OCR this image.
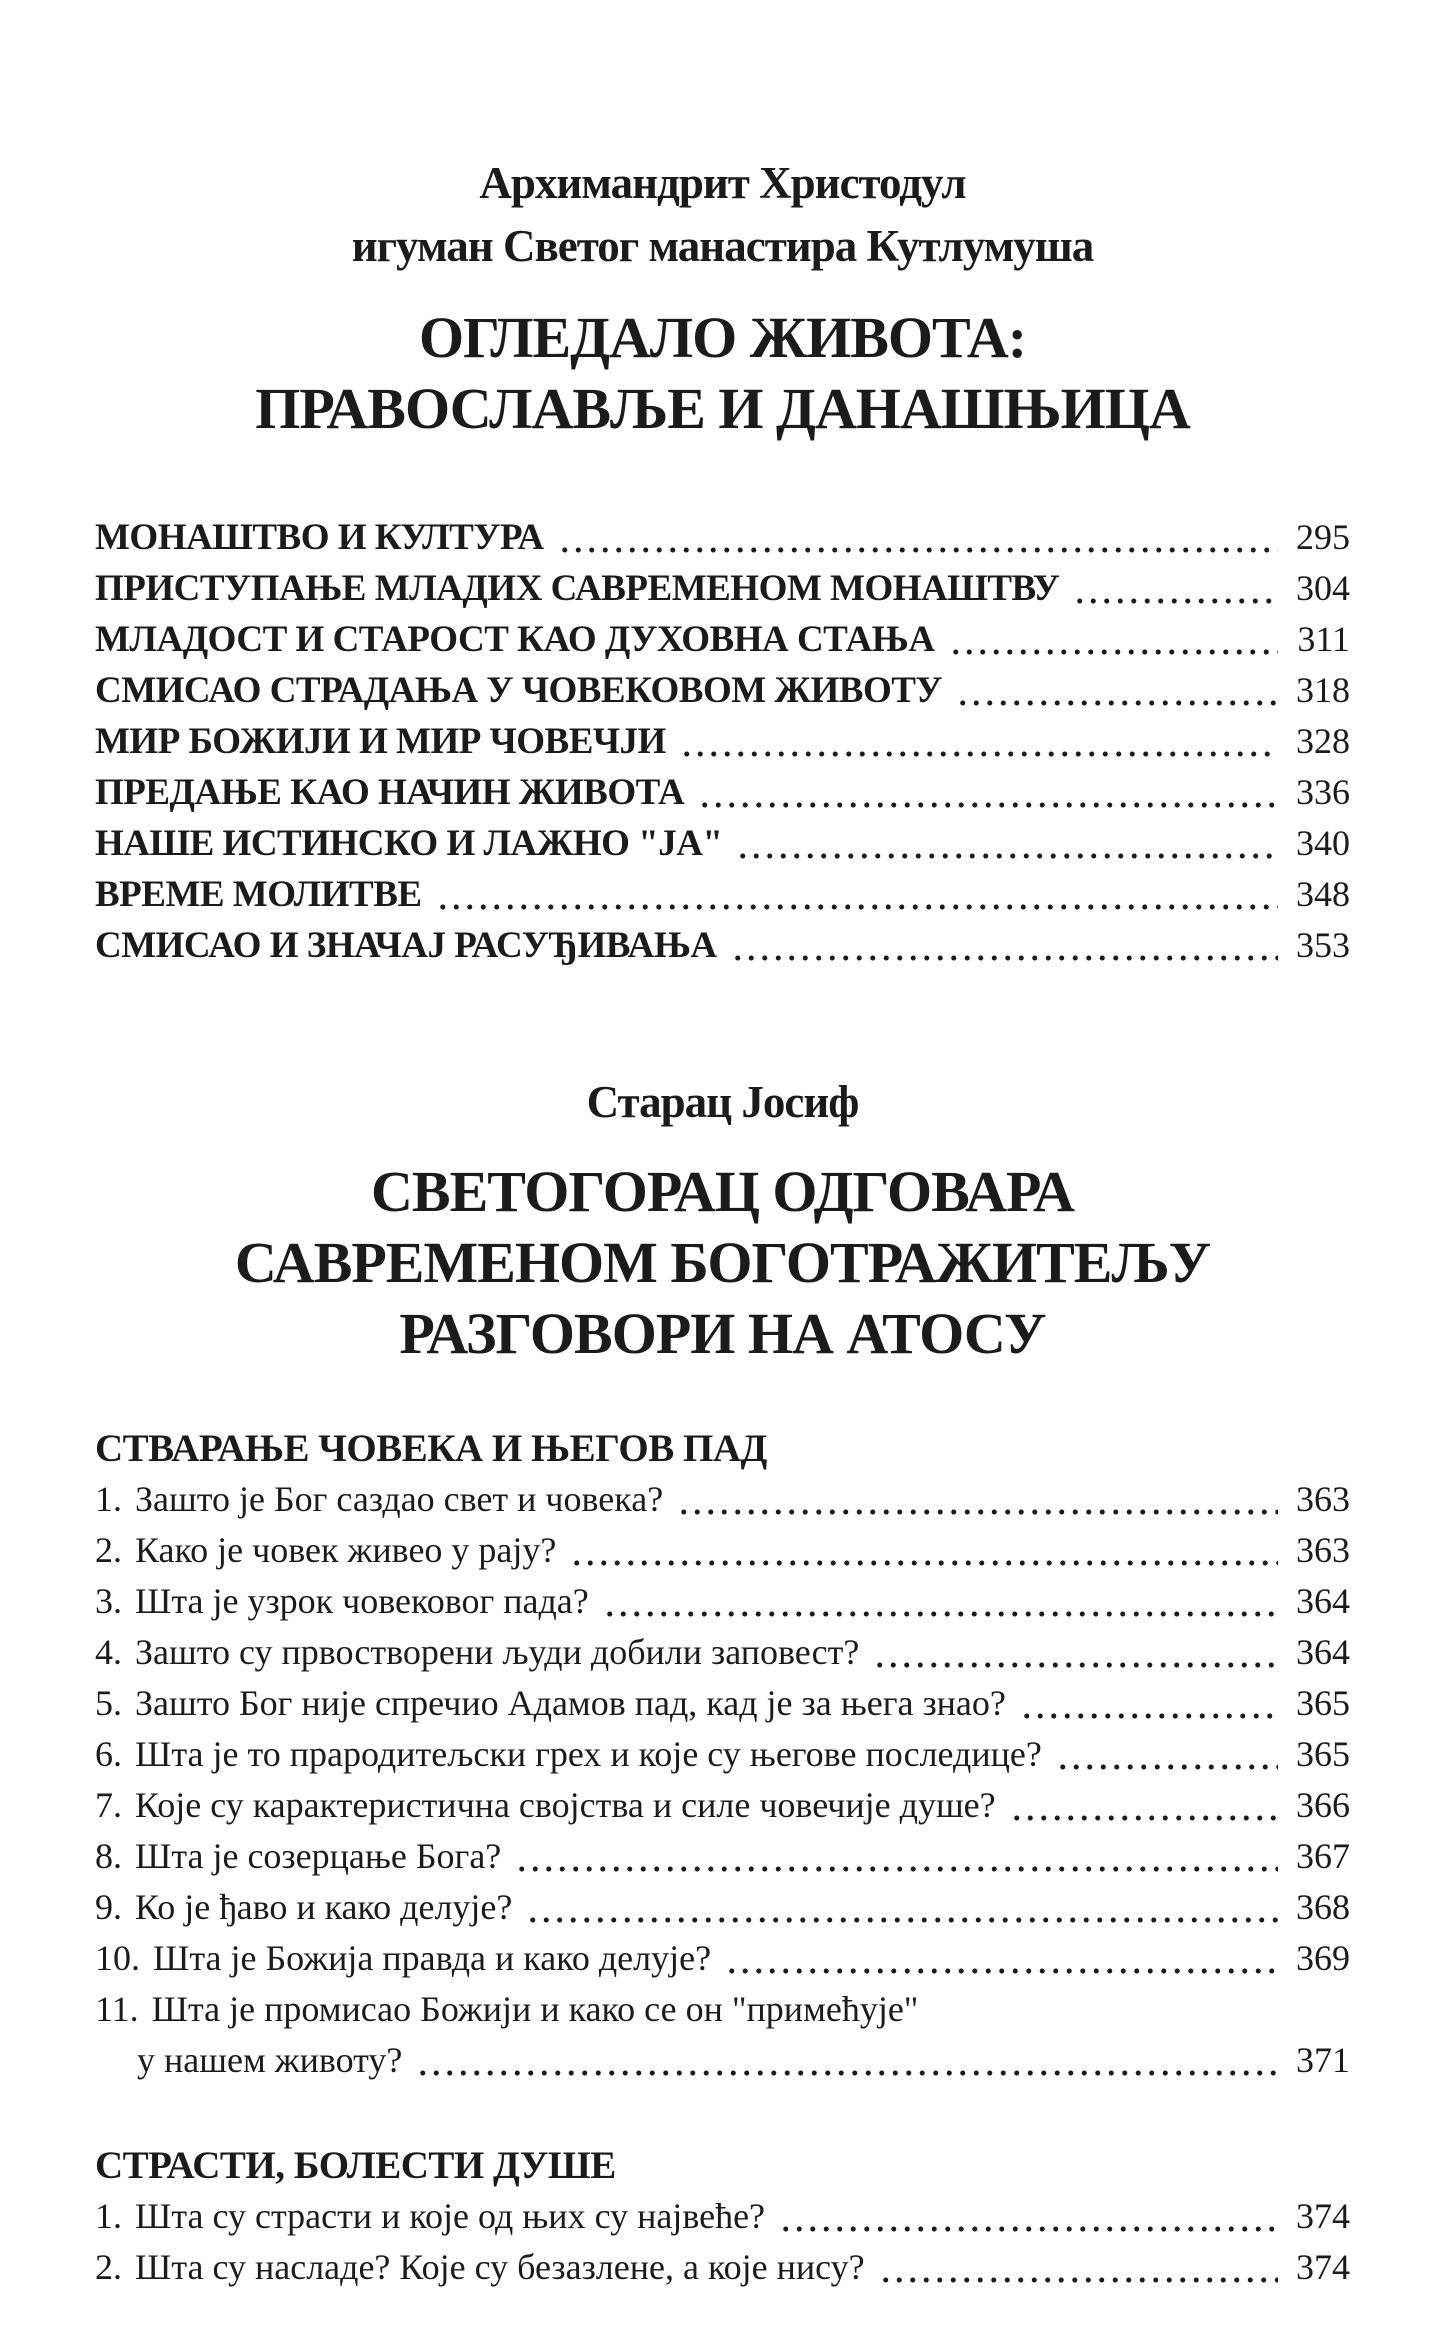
Архимандрит Христодул
игуман Светог манастира Кутлумуша
ОГЛЕДАЛО ЖИВОТА:
ПРАВОСЛАВЉЕ И ДАНАШЊИЦА
МОНАШТВО И КУЛТУРА	295
ПРИСТУПАЊЕ МЛАДИХ САВРЕМЕНОМ МОНАШТВУ	304
МЛАДОСТ И СТАРОСТ КАО ДУХОВНА СТАЊА	311
СМИСАО СТРАДАЊА У ЧОВЕКОВОМ ЖИВОТУ	318
МИР БОЖИЈИ И МИР ЧОВЕЧЈИ	328
ПРЕДАЊЕ КАО НАЧИН ЖИВОТА	336
НАШЕ ИСТИНСКО И ЛАЖНО "ЈА"	340
ВРЕМЕ МОЛИТВЕ	348
СМИСАО И ЗНАЧАЈ РАСУЂИВАЊА	353
Старац Јосиф
СВЕТОГОРАЦ ОДГОВАРА
САВРЕМЕНОМ БОГОТРАЖИТЕЉУ
РАЗГОВОРИ НА АТОСУ
СТВАРАЊЕ ЧОВЕКА И ЊЕГОВ ПАД
1. Зашто је Бог саздао свет и човека?	363
2. Како је човек живео у рају?	363
3. Шта је узрок човековог пада?	364
4. Зашто су првостворени људи добили заповест?	364
5. Зашто Бог није спречио Адамов пад, кад је за њега знао?	365
6. Шта је то прародитељски грех и које су његове последице?	365
7. Које су карактеристична својства и силе човечије душе?	366
8. Шта је созерцање Бога?	367
9. Ко је ђаво и како делује?	368
10. Шта је Божија правда и како делује?	369
11. Шта је промисао Божији и како се он "примећује"
у нашем животу?	371
СТРАСТИ, БОЛЕСТИ ДУШЕ
1. Шта су страсти и које од њих су највеће?	374
2. Шта су насладе? Које су безазлене, а које нису?	374
